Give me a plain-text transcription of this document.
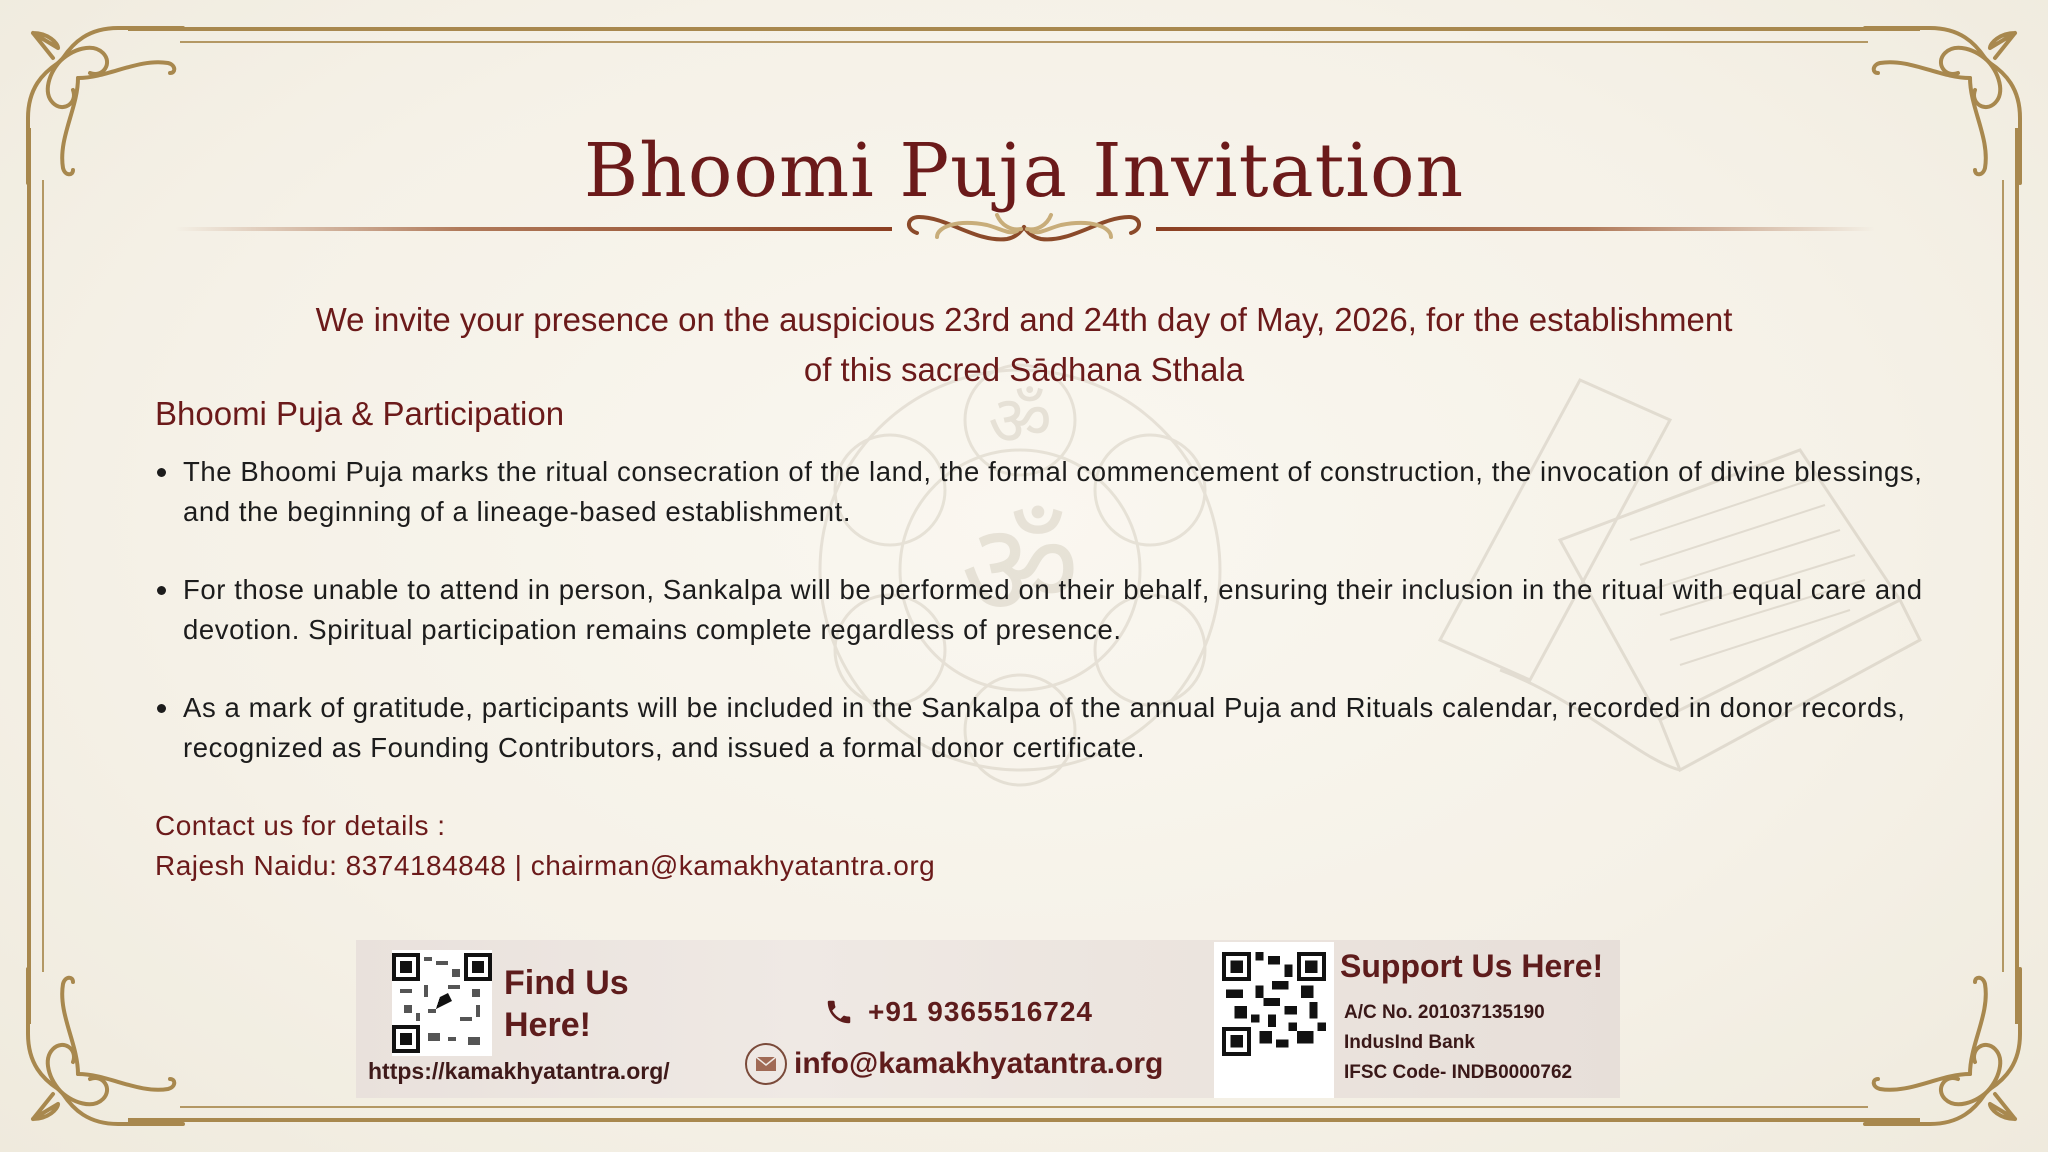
Bhoomi Puja Invitation

We invite your presence on the auspicious 23rd and 24th day of May, 2026, for the establishment of this sacred Sādhana Sthala

Bhoomi Puja & Participation
The Bhoomi Puja marks the ritual consecration of the land, the formal commencement of construction, the invocation of divine blessings, and the beginning of a lineage-based establishment.
For those unable to attend in person, Sankalpa will be performed on their behalf, ensuring their inclusion in the ritual with equal care and devotion. Spiritual participation remains complete regardless of presence.
As a mark of gratitude, participants will be included in the Sankalpa of the annual Puja and Rituals calendar, recorded in donor records, recognized as Founding Contributors, and issued a formal donor certificate.
Contact us for details :
Rajesh Naidu: 8374184848 | chairman@kamakhyatantra.org
Find Us
Here!
https://kamakhyatantra.org/
+91 9365516724
info@kamakhyatantra.org
Support Us Here!
A/C No. 201037135190
IndusInd Bank
IFSC Code- INDB0000762
